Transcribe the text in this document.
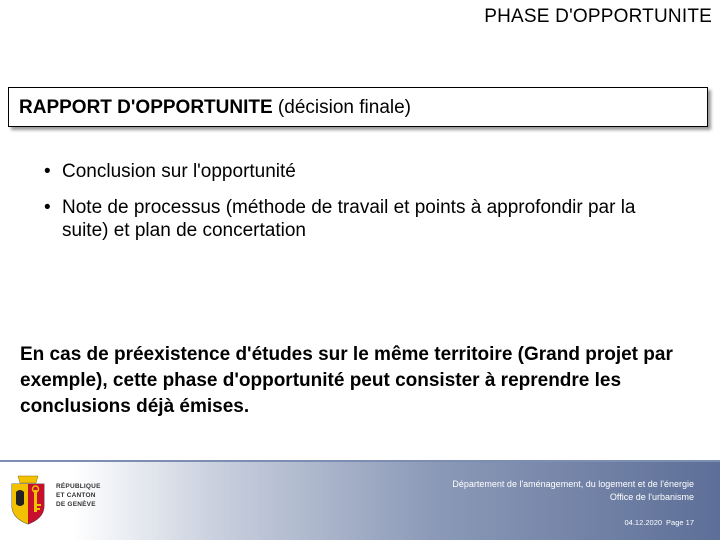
PHASE D'OPPORTUNITE
RAPPORT D'OPPORTUNITE (décision finale)
• Conclusion sur l'opportunité
• Note de processus (méthode de travail et points à approfondir par la suite) et plan de concertation

En cas de préexistence d'études sur le même territoire (Grand projet par exemple), cette phase d'opportunité peut consister à reprendre les conclusions déjà émises.

RÉPUBLIQUE
ET CANTON
DE GENÈVE
Département de l'aménagement, du logement et de l'énergie
Office de l'urbanisme
04.12.2020 Page 17
